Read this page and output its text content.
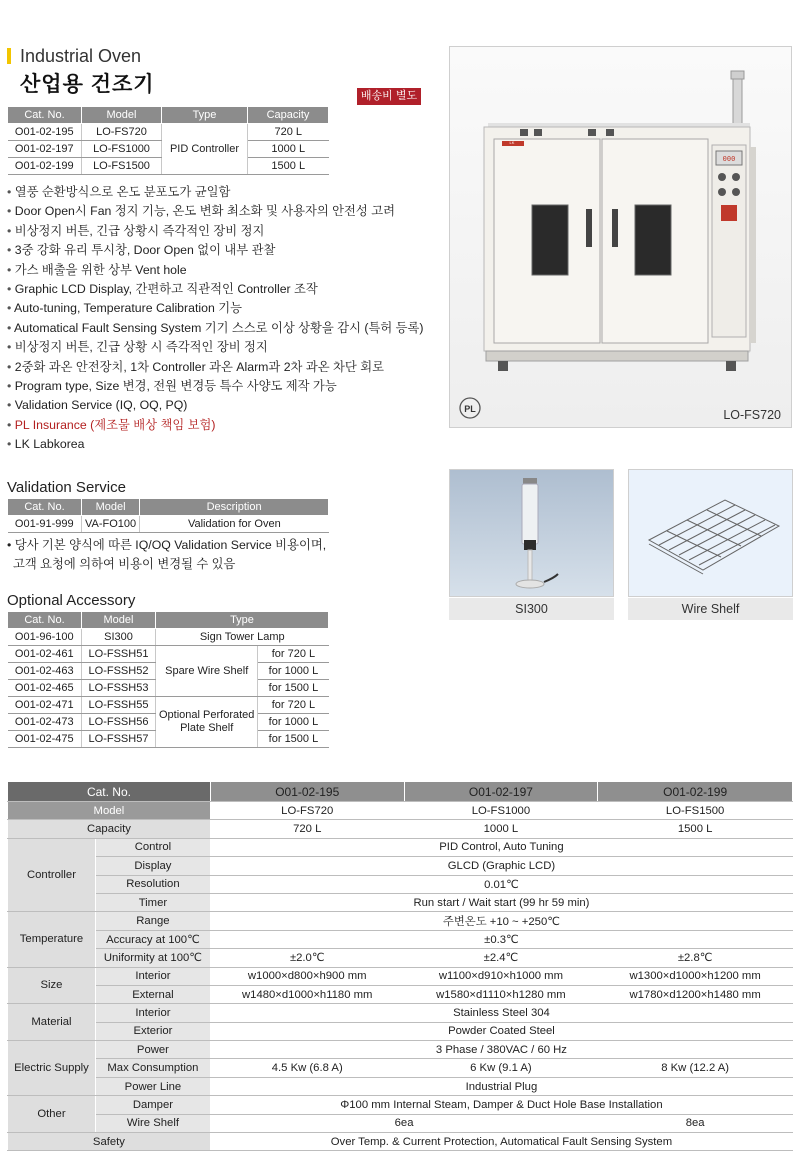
Industrial Oven
산업용 건조기
Cat. No.	Model	Type	Capacity
O01-02-195	LO-FS720	PID Controller	720 L
O01-02-197	LO-FS1000		1000 L
O01-02-199	LO-FS1500		1500 L
• 열풍 순환방식으로 온도 분포도가 균일함
• Door Open시 Fan 정지 기능, 온도 변화 최소화 및 사용자의 안전성 고려
• 비상정지 버튼, 긴급 상황시 즉각적인 장비 정지
• 3중 강화 유리 투시창, Door Open 없이 내부 관찰
• 가스 배출을 위한 상부 Vent hole
• Graphic LCD Display, 간편하고 직관적인 Controller 조작
• Auto-tuning, Temperature Calibration 기능
• Automatical Fault Sensing System 기기 스스로 이상 상황을 감시 (특허 등록)
• 비상정지 버튼, 긴급 상황 시 즉각적인 장비 정지
• 2중화 과온 안전장치, 1차 Controller 과온 Alarm과 2차 과온 차단 회로
• Program type, Size 변경, 전원 변경등 특수 사양도 제작 가능
• Validation Service (IQ, OQ, PQ)
• PL Insurance (제조물 배상 책임 보험)
• LK Labkorea
000
PL
LK
LO-FS720
배송비 별도
Validation Service
Cat. No.	Model	Description
O01-91-999	VA-FO100	Validation for Oven
• 당사 기본 양식에 따른 IQ/OQ Validation Service 비용이며,
고객 요청에 의하여 비용이 변경될 수 있음
Optional Accessory
Cat. No.	Model	Type	
O01-96-100	SI300	Sign Tower Lamp	
O01-02-461	LO-FSSH51	Spare Wire Shelf	for 720 L
O01-02-463	LO-FSSH52		for 1000 L
O01-02-465	LO-FSSH53		for 1500 L
O01-02-471	LO-FSSH55	Optional Perforated
Plate Shelf	for 720 L
O01-02-473	LO-FSSH56		for 1000 L
O01-02-475	LO-FSSH57		for 1500 L
SI300	Wire Shelf
Cat. No.		O01-02-195	O01-02-197	O01-02-199
Model		LO-FS720	LO-FS1000	LO-FS1500
Capacity		720 L	1000 L	1500 L
Controller	Control	PID Control, Auto Tuning		
	Display	GLCD (Graphic LCD)		
	Resolution	0.01℃		
	Timer	Run start / Wait start (99 hr 59 min)		
Temperature	Range	주변온도 +10 ~ +250℃		
	Accuracy at 100℃	±0.3℃		
	Uniformity at 100℃	±2.0℃	±2.4℃	±2.8℃
Size	Interior	w1000×d800×h900 mm	w1100×d910×h1000 mm	w1300×d1000×h1200 mm
	External	w1480×d1000×h1180 mm	w1580×d1110×h1280 mm	w1780×d1200×h1480 mm
Material	Interior	Stainless Steel 304		
	Exterior	Powder Coated Steel		
Electric Supply	Power	3 Phase / 380VAC / 60 Hz		
	Max Consumption	4.5 Kw (6.8 A)	6 Kw (9.1 A)	8 Kw (12.2 A)
	Power Line	Industrial Plug		
Other	Damper	Φ100 mm Internal Steam, Damper & Duct Hole Base Installation		
	Wire Shelf	6ea		8ea
Safety		Over Temp. & Current Protection, Automatical Fault Sensing System		
